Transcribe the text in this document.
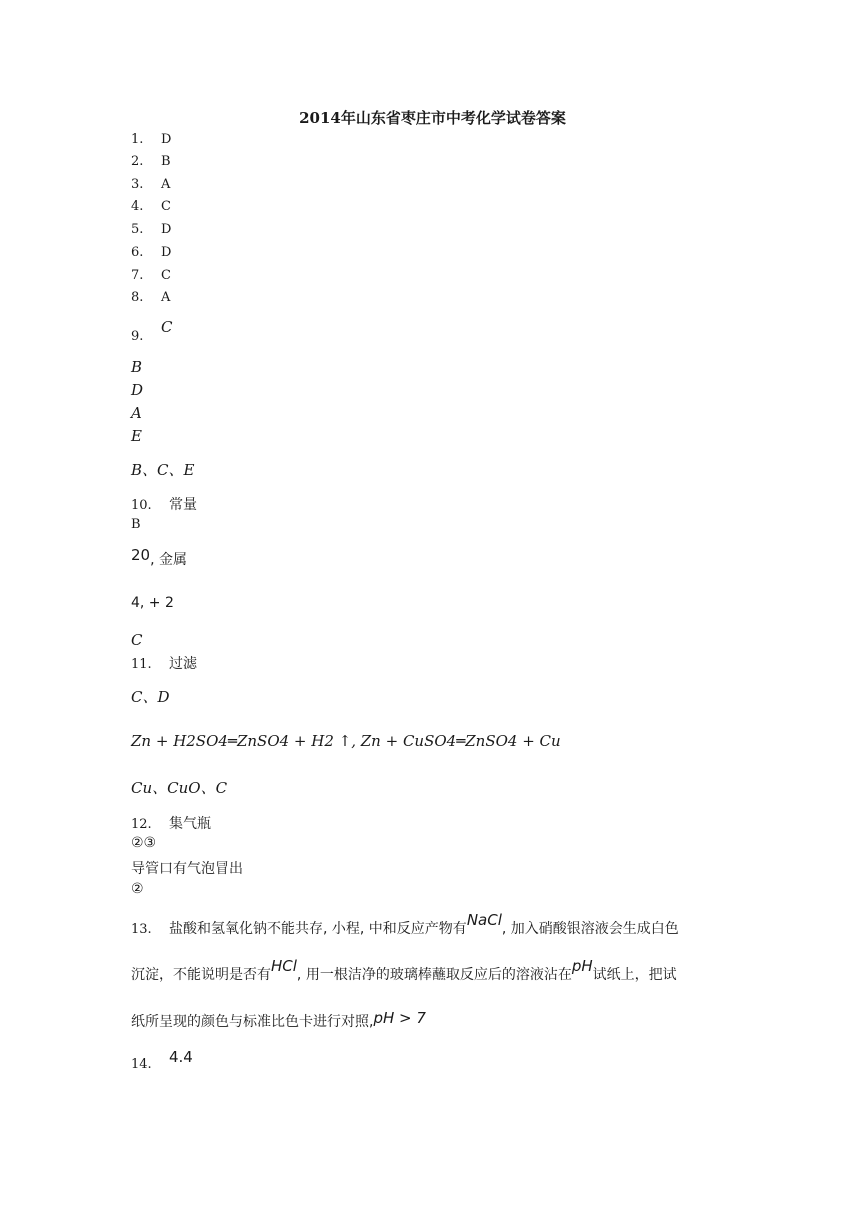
2014年山东省枣庄市中考化学试卷答案
1. D
2. B
3. A
4. C
5. D
6. D
7. C
8. A
9.C
B
D
A
E
B、C、E
10. 常量
B
20, 金属
4, + 2
C
11. 过滤
C、D
Zn + H2SO4═ZnSO4 + H2 ↑, Zn + CuSO4═ZnSO4 + Cu
Cu、CuO、C
12. 集气瓶
②③
导管口有气泡冒出
②
13. 盐酸和氢氧化钠不能共存, 小程, 中和反应产物有NaCl, 加入硝酸银溶液会生成白色
沉淀，不能说明是否有HCl, 用一根洁净的玻璃棒蘸取反应后的溶液沾在pH试纸上，把试
纸所呈现的颜色与标准比色卡进行对照,pH > 7
14. 4.4
